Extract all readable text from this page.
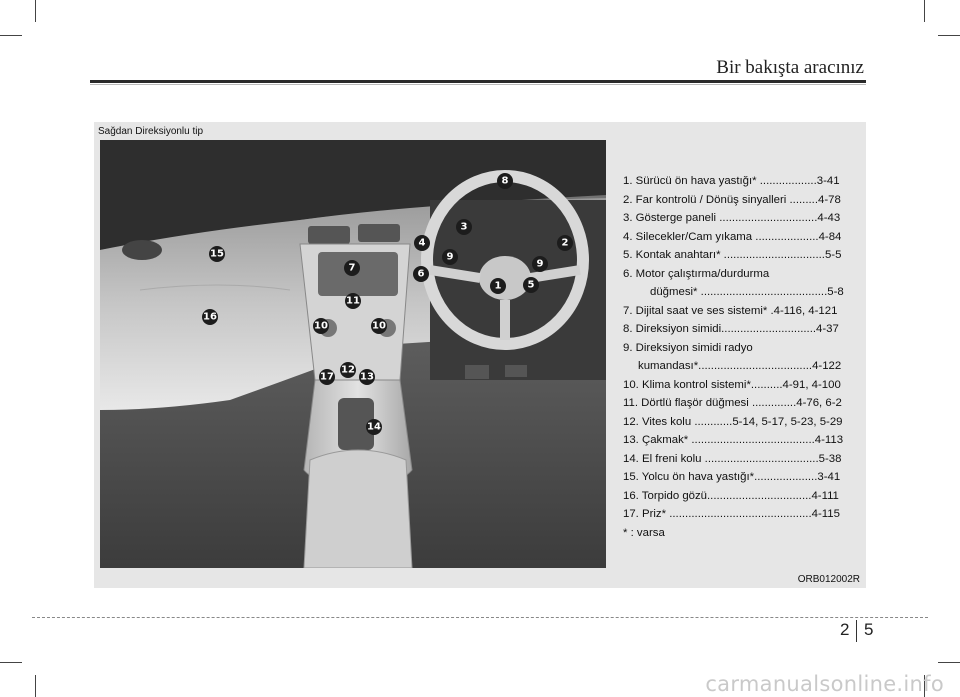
Bir bakışta aracınız
Sağdan Direksiyonlu tip
1
2
3
4
5
6
7
8
9
9
10	10
11
12
13
14
15
16
17
1. Sürücü ön hava yastığı* ..................3-41
2. Far kontrolü / Dönüş sinyalleri .........4-78
3. Gösterge paneli ...............................4-43
4. Silecekler/Cam yıkama ....................4-84
5. Kontak anahtarı* ................................5-5
6. Motor çalıştırma/durdurma
düğmesi* ........................................5-8
7. Dijital saat ve ses sistemi* .4-116, 4-121
8. Direksiyon simidi..............................4-37
9. Direksiyon simidi radyo
kumandası*....................................4-122
10. Klima kontrol sistemi*..........4-91, 4-100
11. Dörtlü flaşör düğmesi ..............4-76, 6-2
12. Vites kolu ............5-14, 5-17, 5-23, 5-29
13. Çakmak* .......................................4-113
14. El freni kolu ....................................5-38
15. Yolcu ön hava yastığı*....................3-41
16. Torpido gözü.................................4-111
17. Priz* .............................................4-115
* : varsa
ORB012002R
2 5
carmanualsonline.info
